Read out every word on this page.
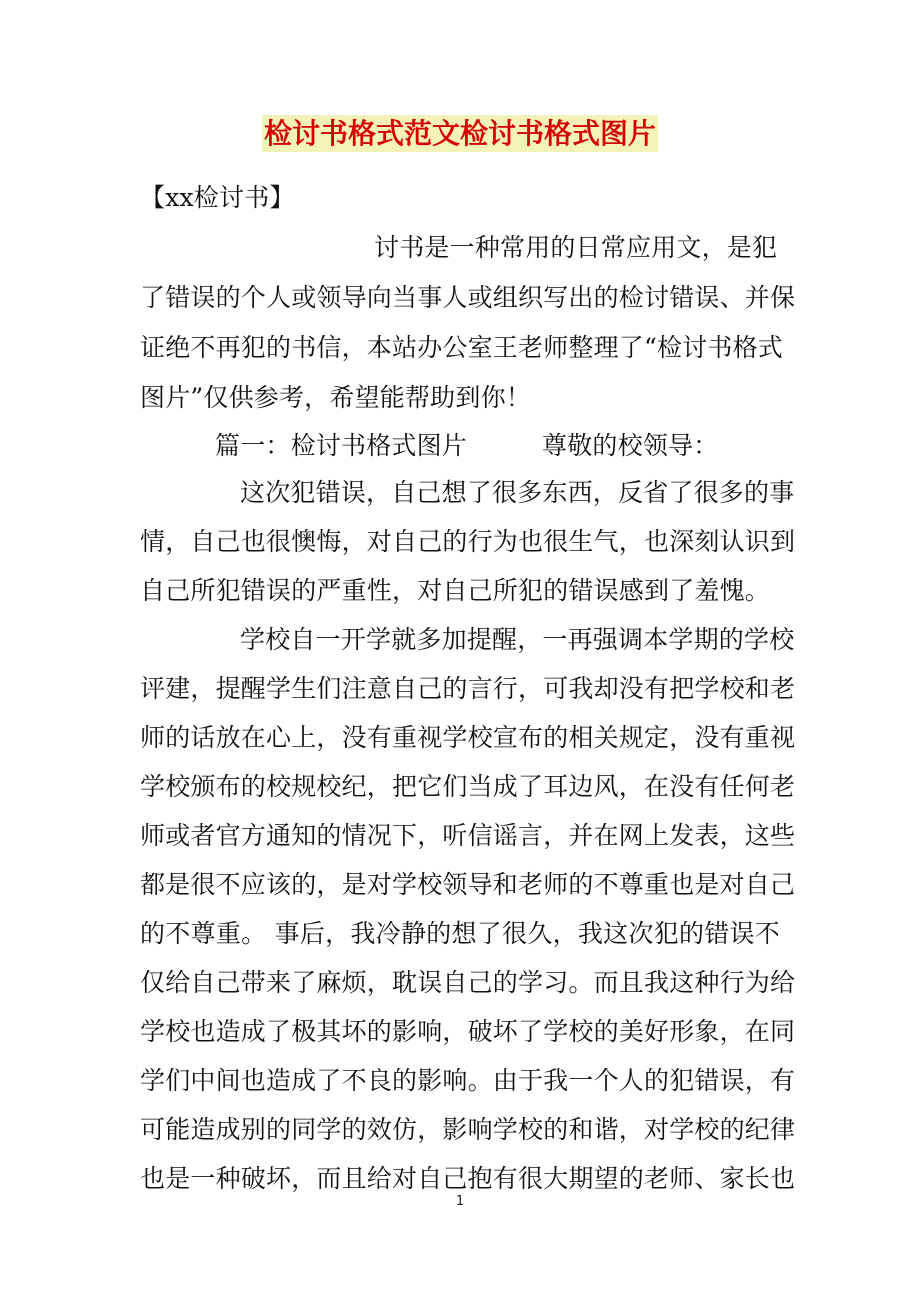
检讨书格式范文检讨书格式图片
【xx检讨书】
讨书是一种常用的日常应用文，是犯
了错误的个人或领导向当事人或组织写出的检讨错误、并保
证绝不再犯的书信，本站办公室王老师整理了“检讨书格式
图片”仅供参考，希望能帮助到你！
篇一：检讨书格式图片	尊敬的校领导：
这次犯错误，自己想了很多东西，反省了很多的事
情，自己也很懊悔，对自己的行为也很生气，也深刻认识到
自己所犯错误的严重性，对自己所犯的错误感到了羞愧。
学校自一开学就多加提醒，一再强调本学期的学校
评建，提醒学生们注意自己的言行，可我却没有把学校和老
师的话放在心上，没有重视学校宣布的相关规定，没有重视
学校颁布的校规校纪，把它们当成了耳边风，在没有任何老
师或者官方通知的情况下，听信谣言，并在网上发表，这些
都是很不应该的，是对学校领导和老师的不尊重也是对自己
的不尊重。 事后，我冷静的想了很久，我这次犯的错误不
仅给自己带来了麻烦，耽误自己的学习。而且我这种行为给
学校也造成了极其坏的影响，破坏了学校的美好形象，在同
学们中间也造成了不良的影响。由于我一个人的犯错误，有
可能造成别的同学的效仿，影响学校的和谐，对学校的纪律
也是一种破坏，而且给对自己抱有很大期望的老师、家长也
1
